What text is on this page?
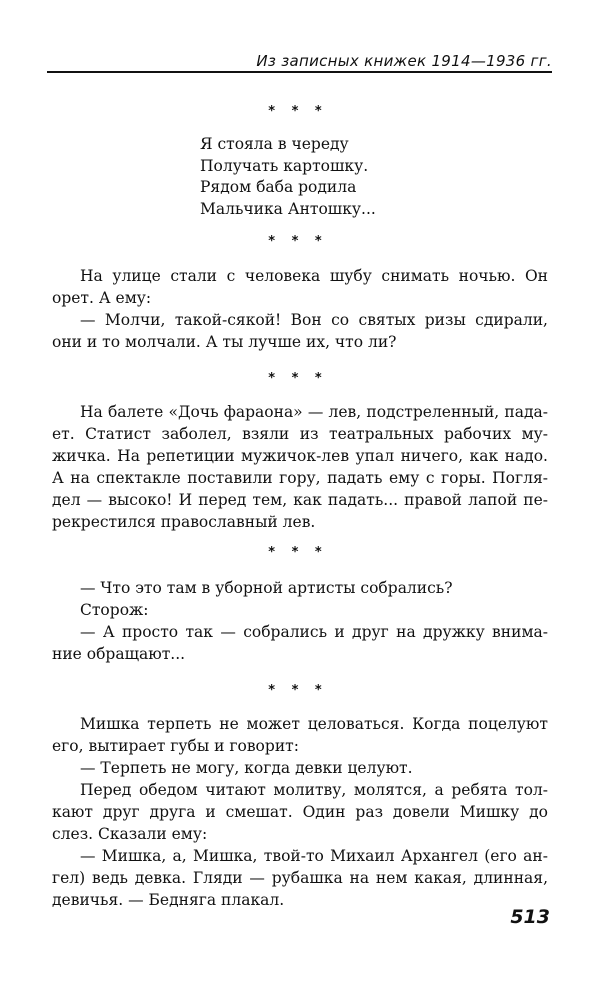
Из записных книжек 1914—1936 гг.
* * *
Я стояла в череду
Получать картошку.
Рядом баба родила
Мальчика Антошку...
* * *
На улице стали с человека шубу снимать ночью. Он
орет. А ему:
— Молчи, такой-сякой! Вон со святых ризы сдирали,
они и то молчали. А ты лучше их, что ли?
* * *
На балете «Дочь фараона» — лев, подстреленный, пада-
ет. Статист заболел, взяли из театральных рабочих му-
жичка. На репетиции мужичок-лев упал ничего, как надо.
А на спектакле поставили гору, падать ему с горы. Погля-
дел — высоко! И перед тем, как падать... правой лапой пе-
рекрестился православный лев.
* * *
— Что это там в уборной артисты собрались?
Сторож:
— А просто так — собрались и друг на дружку внима-
ние обращают...
* * *
Мишка терпеть не может целоваться. Когда поцелуют
его, вытирает губы и говорит:
— Терпеть не могу, когда девки целуют.
Перед обедом читают молитву, молятся, а ребята тол-
кают друг друга и смешат. Один раз довели Мишку до
слез. Сказали ему:
— Мишка, а, Мишка, твой-то Михаил Архангел (его ан-
гел) ведь девка. Гляди — рубашка на нем какая, длинная,
девичья. — Бедняга плакал.
513
